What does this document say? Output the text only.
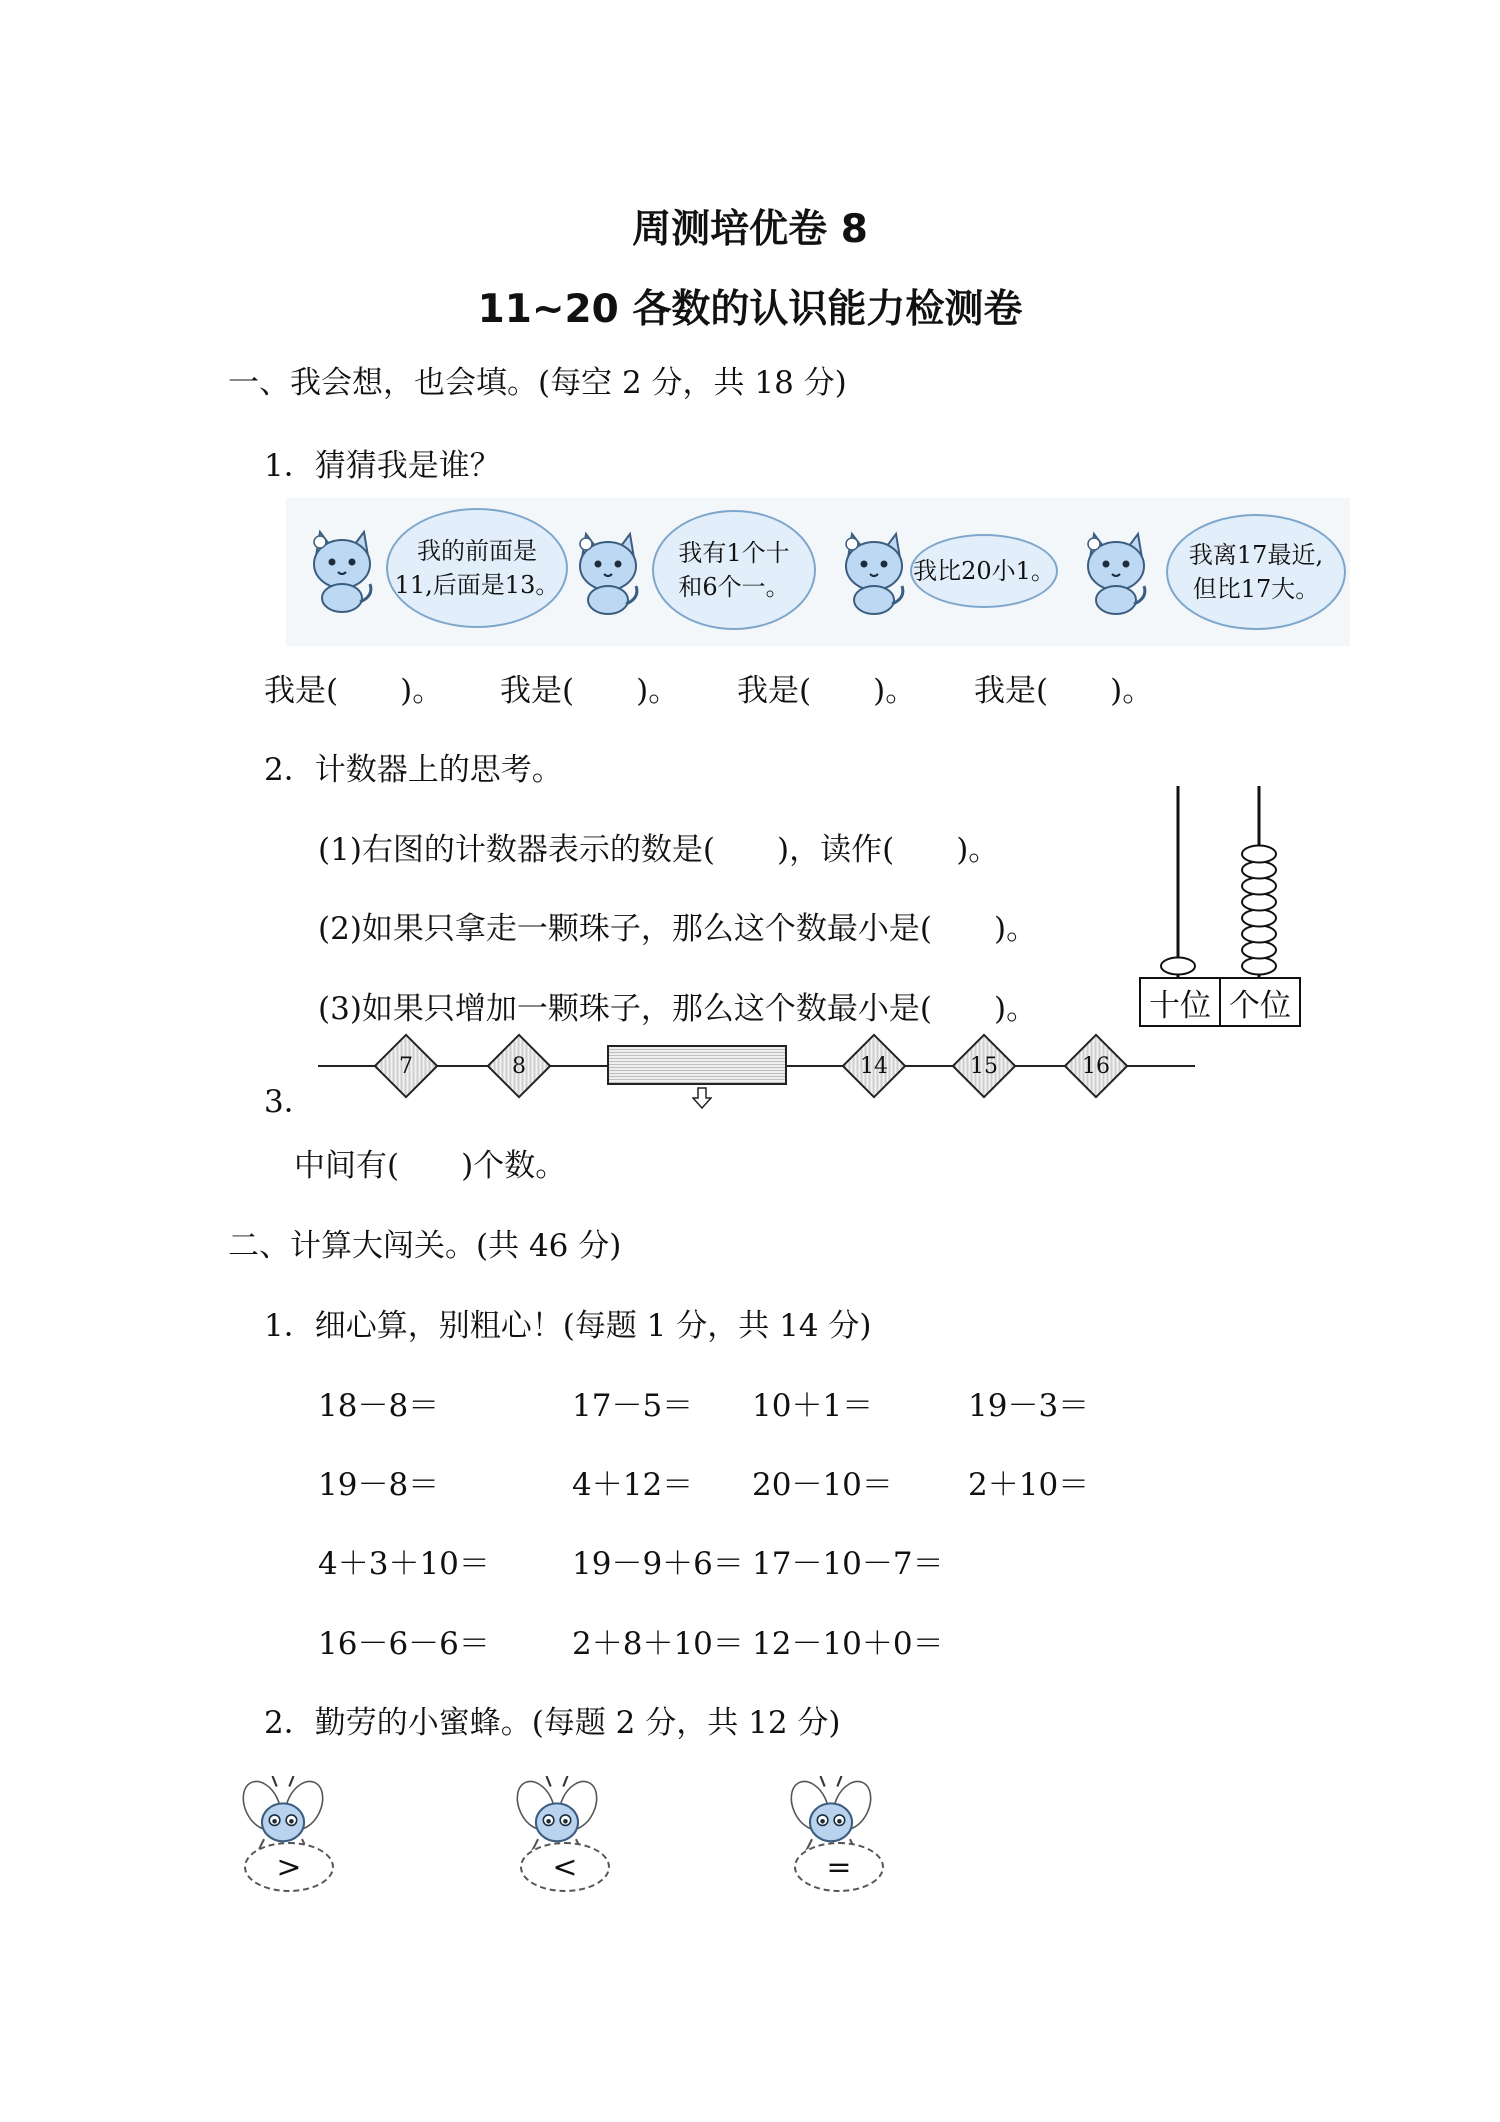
周测培优卷 8
11~20 各数的认识能力检测卷
一、我会想，也会填。(每空 2 分，共 18 分)
1．猜猜我是谁？
我的前面是
11,后面是13。
我有1个十
和6个一。
我比20小1。
我离17最近,
但比17大。
我是(　　)。 我是(　　)。 我是(　　)。 我是(　　)。
2．计数器上的思考。
(1)右图的计数器表示的数是(　　)，读作(　　)。
(2)如果只拿走一颗珠子，那么这个数最小是(　　)。
(3)如果只增加一颗珠子，那么这个数最小是(　　)。	十位 个位
3．
7	8	14	15	16
中间有(　　)个数。
二、计算大闯关。(共 46 分)
1．细心算，别粗心！(每题 1 分，共 14 分)
18－8＝	17－5＝ 10＋1＝	19－3＝
19－8＝	4＋12＝ 20－10＝ 2＋10＝
4＋3＋10＝	19－9＋6＝ 17－10－7＝
16－6－6＝	2＋8＋10＝ 12－10＋0＝
2．勤劳的小蜜蜂。(每题 2 分，共 12 分)
>	<	=
